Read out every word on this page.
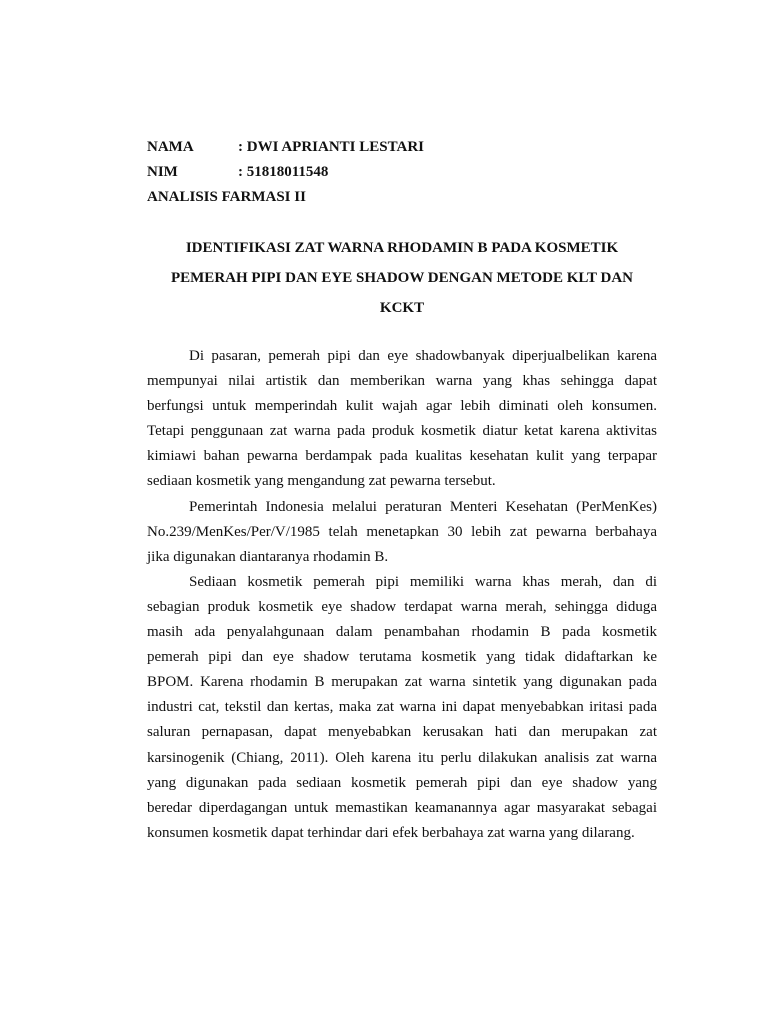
NAMA	: DWI APRIANTI LESTARI
NIM	: 51818011548
ANALISIS FARMASI II
IDENTIFIKASI ZAT WARNA RHODAMIN B PADA KOSMETIK
PEMERAH PIPI DAN EYE SHADOW DENGAN METODE KLT DAN
KCKT

Di pasaran, pemerah pipi dan eye shadowbanyak diperjualbelikan karena
mempunyai nilai artistik dan memberikan warna yang khas sehingga dapat
berfungsi untuk memperindah kulit wajah agar lebih diminati oleh konsumen.
Tetapi penggunaan zat warna pada produk kosmetik diatur ketat karena aktivitas
kimiawi bahan pewarna berdampak pada kualitas kesehatan kulit yang terpapar
sediaan kosmetik yang mengandung zat pewarna tersebut.

Pemerintah Indonesia melalui peraturan Menteri Kesehatan (PerMenKes)
No.239/MenKes/Per/V/1985 telah menetapkan 30 lebih zat pewarna berbahaya
jika digunakan diantaranya rhodamin B.

Sediaan kosmetik pemerah pipi memiliki warna khas merah, dan di
sebagian produk kosmetik eye shadow terdapat warna merah, sehingga diduga
masih ada penyalahgunaan dalam penambahan rhodamin B pada kosmetik
pemerah pipi dan eye shadow terutama kosmetik yang tidak didaftarkan ke
BPOM. Karena rhodamin B merupakan zat warna sintetik yang digunakan pada
industri cat, tekstil dan kertas, maka zat warna ini dapat menyebabkan iritasi pada
saluran pernapasan, dapat menyebabkan kerusakan hati dan merupakan zat
karsinogenik (Chiang, 2011). Oleh karena itu perlu dilakukan analisis zat warna
yang digunakan pada sediaan kosmetik pemerah pipi dan eye shadow yang
beredar diperdagangan untuk memastikan keamanannya agar masyarakat sebagai
konsumen kosmetik dapat terhindar dari efek berbahaya zat warna yang dilarang.
